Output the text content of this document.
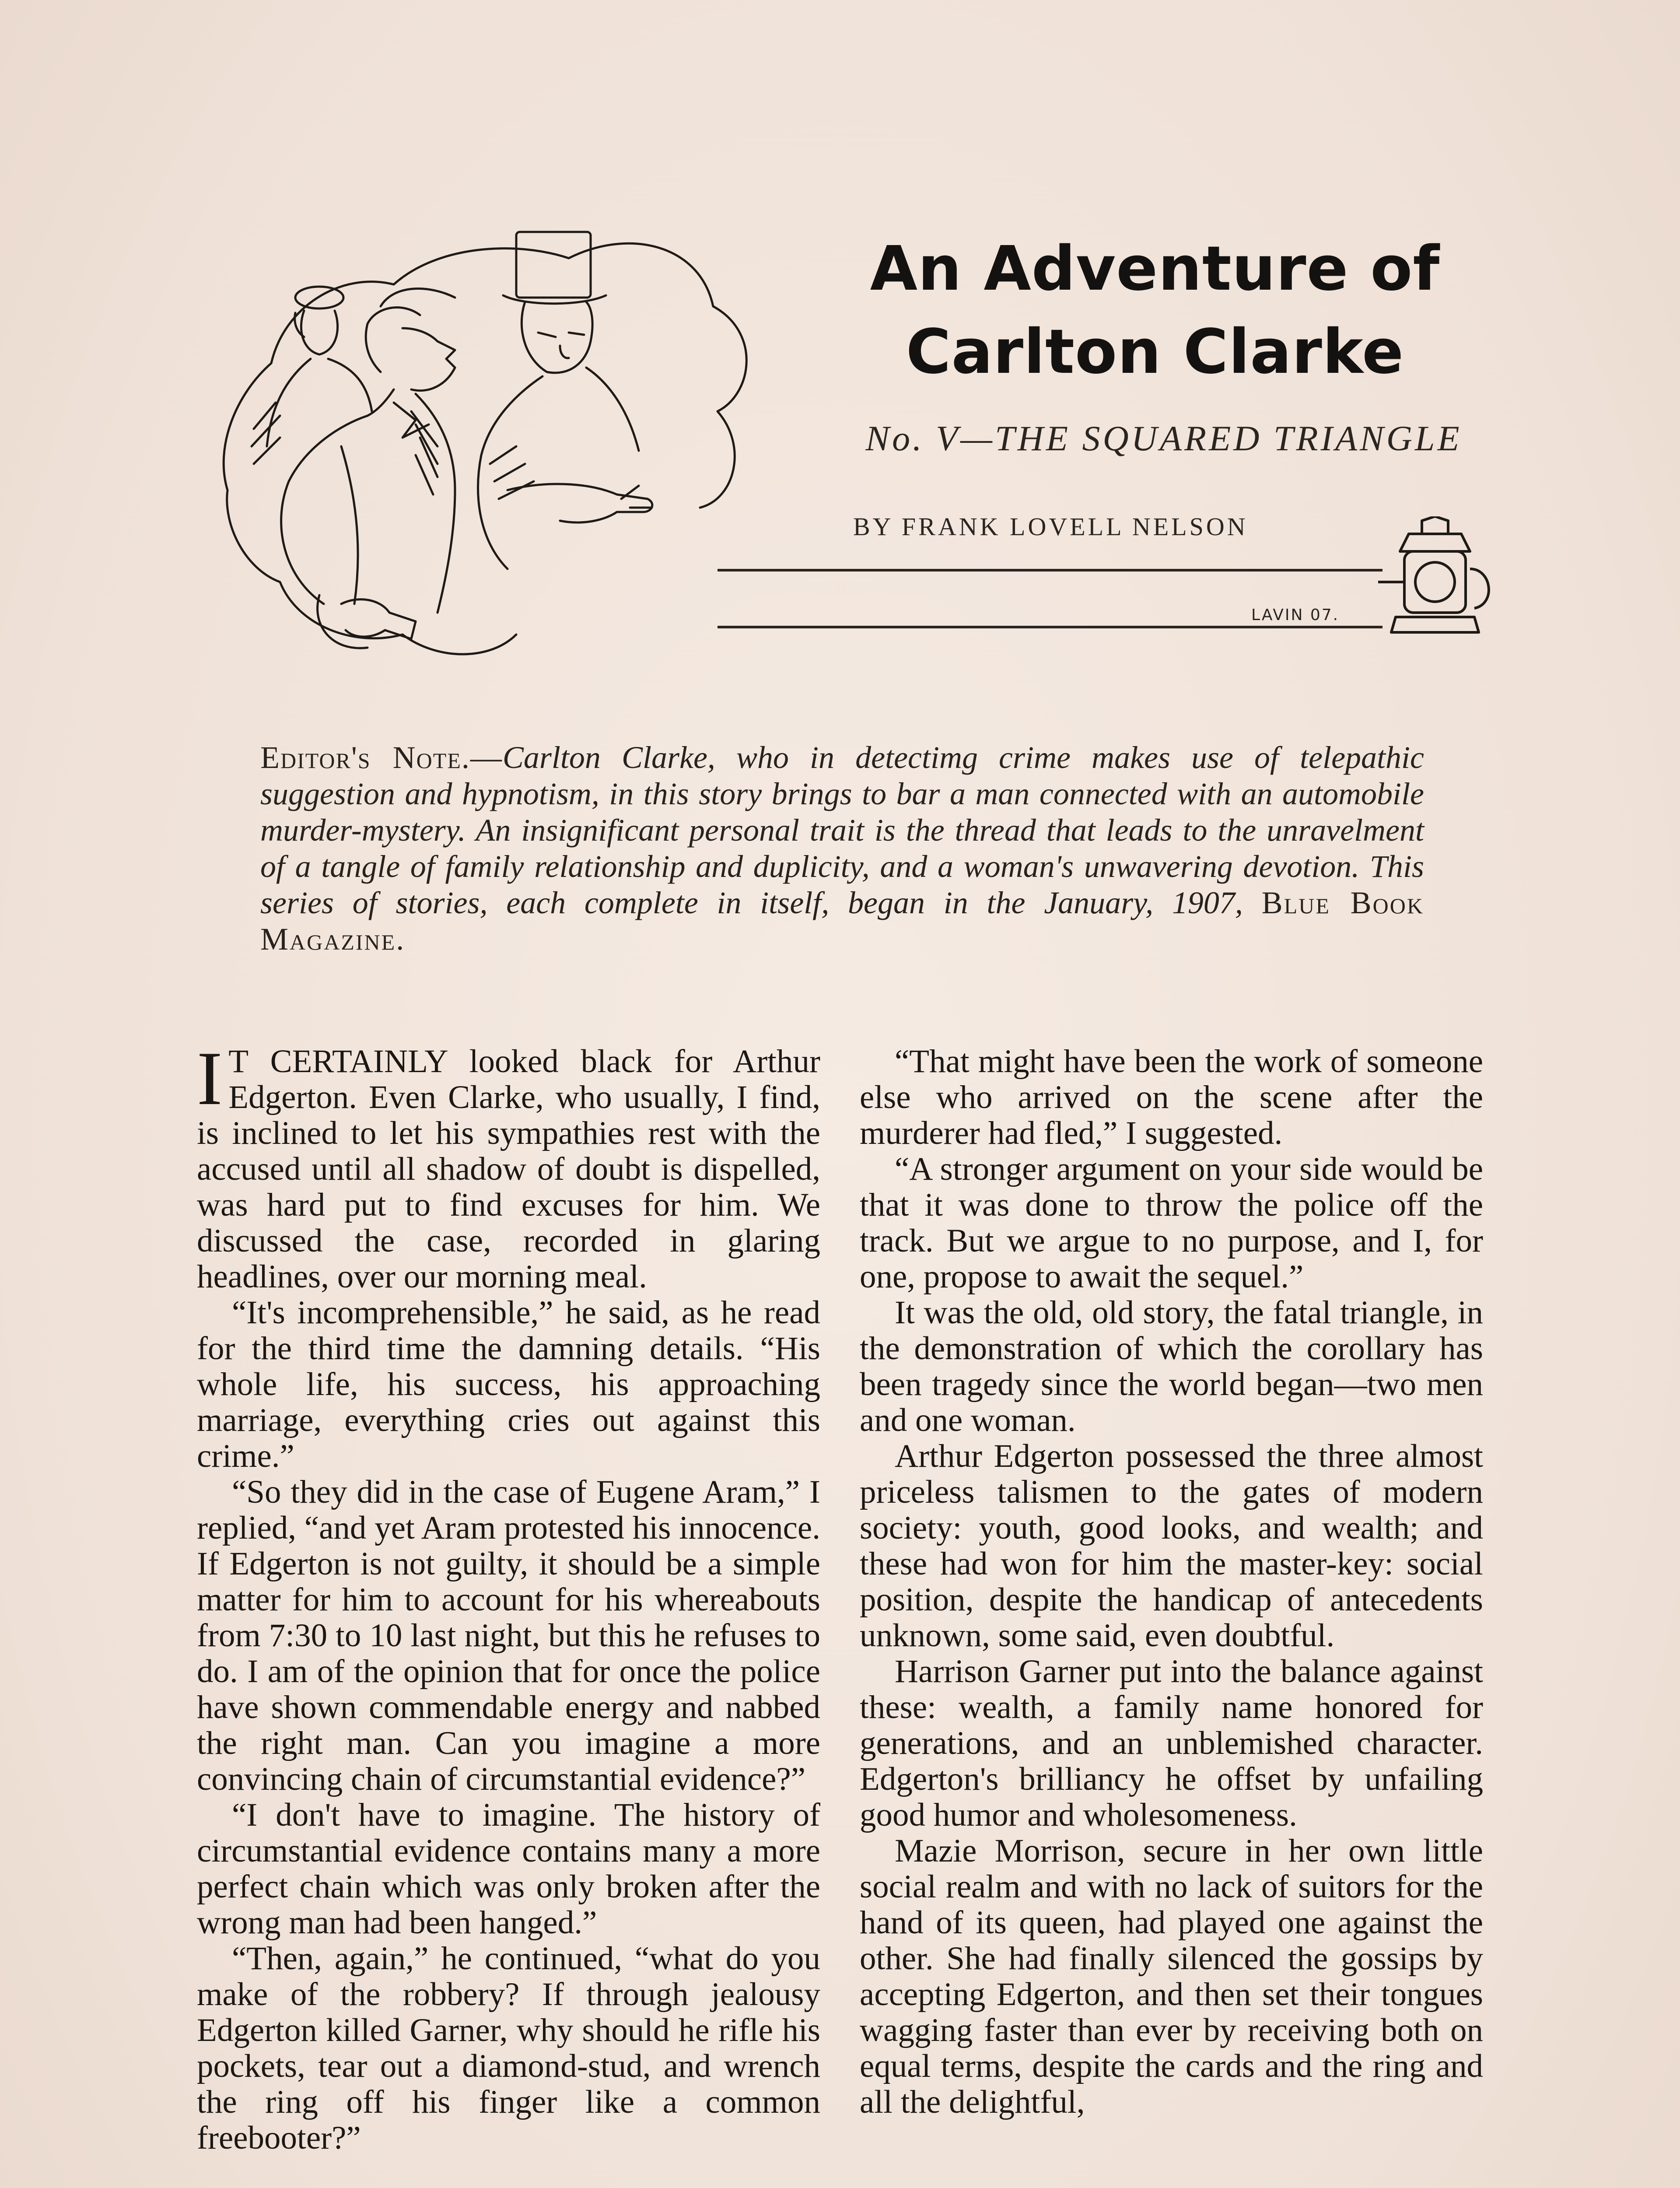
An Adventure of
Carlton Clarke
No. V—THE SQUARED TRIANGLE
BY FRANK LOVELL NELSON
LAVIN 07.
Editor's Note.—Carlton Clarke, who in detectimg crime makes use of telepathic suggestion and hypnotism, in this story brings to bar a man connected with an automobile murder-mystery. An insignificant personal trait is the thread that leads to the unravelment of a tangle of family relationship and duplicity, and a woman's unwavering devotion. This series of stories, each complete in itself, began in the January, 1907, Blue Book Magazine.

I T CERTAINLY looked black for Arthur Edgerton. Even Clarke, who usually, I find, is inclined to let his sympathies rest with the accused until all shadow of doubt is dispelled, was hard put to find excuses for him. We discussed the case, recorded in glaring headlines, over our morning meal.

“It's incomprehensible,” he said, as he read for the third time the damning details. “His whole life, his success, his approaching marriage, everything cries out against this crime.”

“So they did in the case of Eugene Aram,” I replied, “and yet Aram protested his innocence. If Edgerton is not guilty, it should be a simple matter for him to account for his whereabouts from 7:30 to 10 last night, but this he refuses to do. I am of the opinion that for once the police have shown commendable energy and nabbed the right man. Can you imagine a more convincing chain of circumstantial evidence?”

“I don't have to imagine. The history of circumstantial evidence contains many a more perfect chain which was only broken after the wrong man had been hanged.”

“Then, again,” he continued, “what do you make of the robbery? If through jealousy Edgerton killed Garner, why should he rifle his pockets, tear out a diamond-stud, and wrench the ring off his finger like a common freebooter?”

“That might have been the work of someone else who arrived on the scene after the murderer had fled,” I suggested.

“A stronger argument on your side would be that it was done to throw the police off the track. But we argue to no purpose, and I, for one, propose to await the sequel.”

It was the old, old story, the fatal triangle, in the demonstration of which the corollary has been tragedy since the world began—two men and one woman.

Arthur Edgerton possessed the three almost priceless talismen to the gates of modern society: youth, good looks, and wealth; and these had won for him the master-key: social position, despite the handicap of antecedents unknown, some said, even doubtful.

Harrison Garner put into the balance against these: wealth, a family name honored for generations, and an unblemished character. Edgerton's brilliancy he offset by unfailing good humor and wholesomeness.

Mazie Morrison, secure in her own little social realm and with no lack of suitors for the hand of its queen, had played one against the other. She had finally silenced the gossips by accepting Edgerton, and then set their tongues wagging faster than ever by receiving both on equal terms, despite the cards and the ring and all the delightful,
